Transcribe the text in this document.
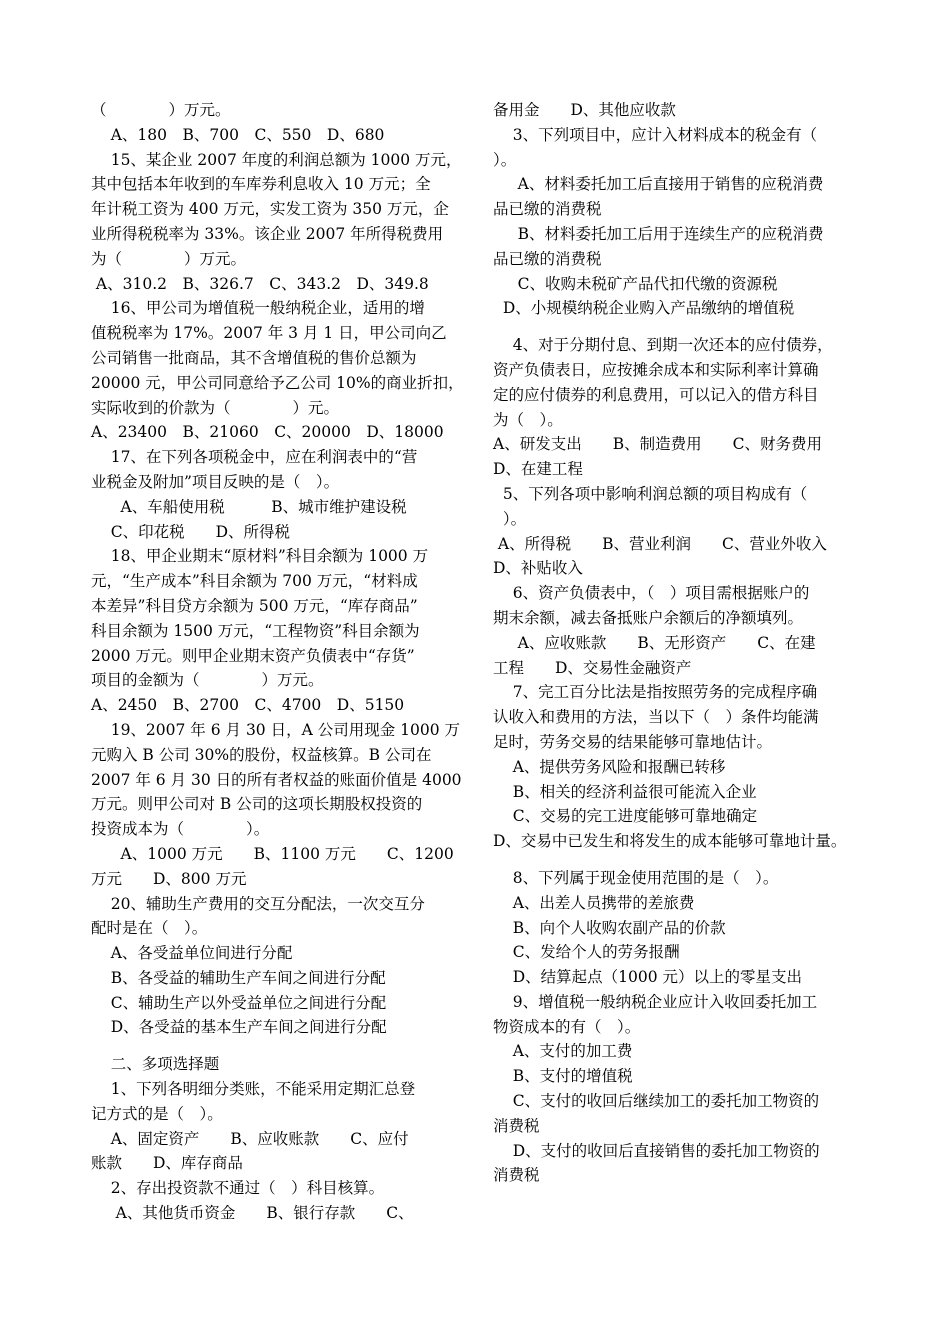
（　　　　）万元。
A、180　B、700　C、550　D、680
15、某企业 2007 年度的利润总额为 1000 万元，
其中包括本年收到的车库券利息收入 10 万元；全
年计税工资为 400 万元，实发工资为 350 万元，企
业所得税税率为 33%。该企业 2007 年所得税费用
为（　　　　）万元。
A、310.2　B、326.7　C、343.2　D、349.8
16、甲公司为增值税一般纳税企业，适用的增
值税税率为 17%。2007 年 3 月 1 日，甲公司向乙
公司销售一批商品，其不含增值税的售价总额为
20000 元，甲公司同意给予乙公司 10%的商业折扣，
实际收到的价款为（　　　　）元。
A、23400　B、21060　C、20000　D、18000
17、在下列各项税金中，应在利润表中的“营
业税金及附加”项目反映的是（　）。
A、车船使用税　　　B、城市维护建设税
C、印花税　　D、所得税
18、甲企业期末“原材料”科目余额为 1000 万
元，“生产成本”科目余额为 700 万元，“材料成
本差异”科目贷方余额为 500 万元，“库存商品”
科目余额为 1500 万元，“工程物资”科目余额为
2000 万元。则甲企业期末资产负债表中“存货”
项目的金额为（　　　　）万元。
A、2450　B、2700　C、4700　D、5150
19、2007 年 6 月 30 日，A 公司用现金 1000 万
元购入 B 公司 30%的股份，权益核算。B 公司在
2007 年 6 月 30 日的所有者权益的账面价值是 4000
万元。则甲公司对 B 公司的这项长期股权投资的
投资成本为（　　　　）。
A、1000 万元　　B、1100 万元　　C、1200
万元　　D、800 万元
20、辅助生产费用的交互分配法，一次交互分
配时是在（　）。
A、各受益单位间进行分配
B、各受益的辅助生产车间之间进行分配
C、辅助生产以外受益单位之间进行分配
D、各受益的基本生产车间之间进行分配
二、多项选择题
1、下列各明细分类账，不能采用定期汇总登
记方式的是（　）。
A、固定资产　　B、应收账款　　C、应付
账款　　D、库存商品
2、存出投资款不通过（　）科目核算。
A、其他货币资金　　B、银行存款　　C、
备用金　　D、其他应收款
3、下列项目中，应计入材料成本的税金有（
）。
A、材料委托加工后直接用于销售的应税消费
品已缴的消费税
B、材料委托加工后用于连续生产的应税消费
品已缴的消费税
C、收购未税矿产品代扣代缴的资源税
D、小规模纳税企业购入产品缴纳的增值税
4、对于分期付息、到期一次还本的应付债券，
资产负债表日，应按摊余成本和实际利率计算确
定的应付债券的利息费用，可以记入的借方科目
为（　）。
A、研发支出　　B、制造费用　　C、财务费用
D、在建工程
5、下列各项中影响利润总额的项目构成有（
）。
A、所得税　　B、营业利润　　C、营业外收入
D、补贴收入
6、资产负债表中，（　）项目需根据账户的
期末余额，减去备抵账户余额后的净额填列。
A、应收账款　　B、无形资产　　C、在建
工程　　D、交易性金融资产
7、完工百分比法是指按照劳务的完成程序确
认收入和费用的方法，当以下（　）条件均能满
足时，劳务交易的结果能够可靠地估计。
A、提供劳务风险和报酬已转移
B、相关的经济利益很可能流入企业
C、交易的完工进度能够可靠地确定
D、交易中已发生和将发生的成本能够可靠地计量。
8、下列属于现金使用范围的是（　）。
A、出差人员携带的差旅费
B、向个人收购农副产品的价款
C、发给个人的劳务报酬
D、结算起点（1000 元）以上的零星支出
9、增值税一般纳税企业应计入收回委托加工
物资成本的有（　）。
A、支付的加工费
B、支付的增值税
C、支付的收回后继续加工的委托加工物资的
消费税
D、支付的收回后直接销售的委托加工物资的
消费税
